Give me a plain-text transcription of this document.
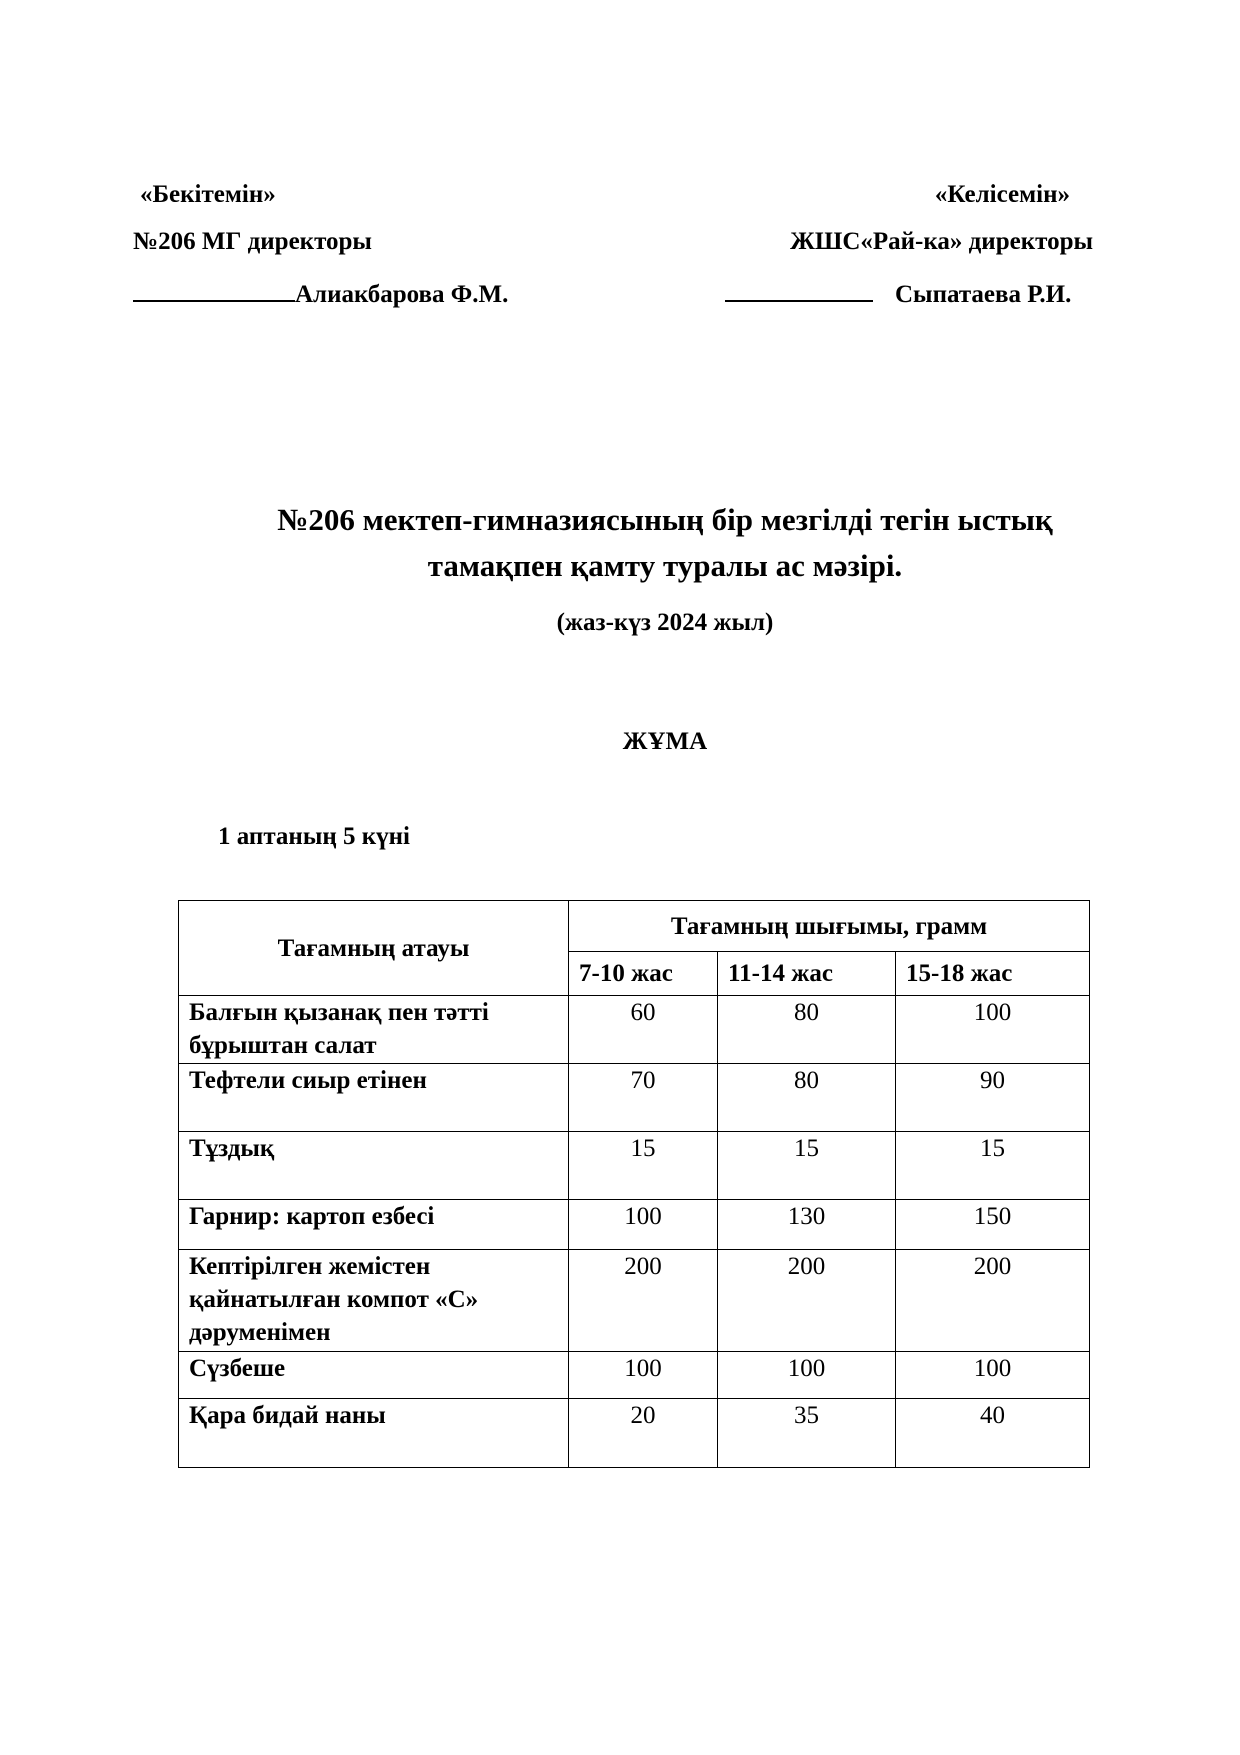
«Бекітемін»
№206 МГ директоры
Алиакбарова Ф.М.
«Келісемін»
ЖШС«Рай-ка» директоры
Сыпатаева Р.И.
№206 мектеп-гимназиясының бір мезгілді тегін ыстық
тамақпен қамту туралы ас мәзірі.
(жаз-күз 2024 жыл)
ЖҰМА
1 аптаның 5 күні
Тағамның атауы	Тағамның шығымы, грамм		
	7-10 жас	11-14 жас	15-18 жас

Балғын қызанақ пен тәтті
бұрыштан салат	60	80	100
Тефтели сиыр етінен	70	80	90
Тұздық	15	15	15
Гарнир: картоп езбесі	100	130	150

Кептірілген жемістен
қайнатылған компот «С»
дәруменімен	200	200	200
Сүзбеше	100	100	100
Қара бидай наны	20	35	40
